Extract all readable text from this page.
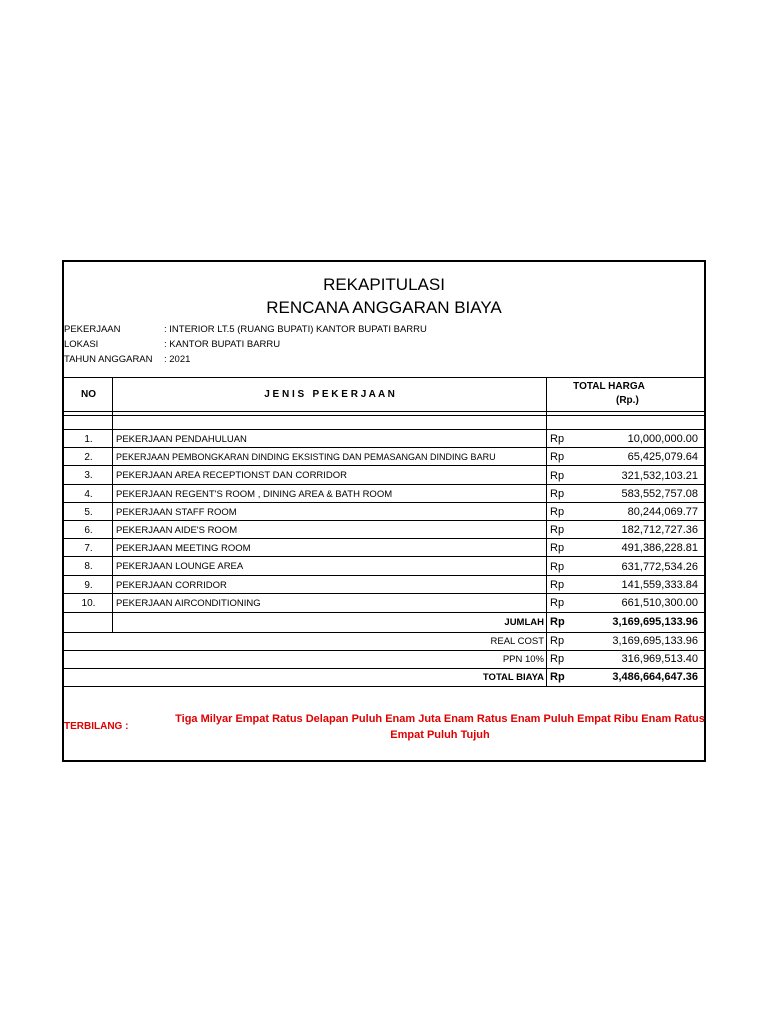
REKAPITULASI
RENCANA ANGGARAN BIAYA
PEKERJAAN	: INTERIOR LT.5 (RUANG BUPATI) KANTOR BUPATI BARRU
LOKASI	: KANTOR BUPATI BARRU
TAHUN ANGGARAN : 2021
NO	J E N I S   P E K E R J A A N
TOTAL HARGA
(Rp.)
1.	PEKERJAAN PENDAHULUAN	Rp	10,000,000.00
2.	PEKERJAAN PEMBONGKARAN DINDING EKSISTING DAN PEMASANGAN DINDING BARU	Rp	65,425,079.64
3.	PEKERJAAN AREA RECEPTIONST DAN CORRIDOR	Rp	321,532,103.21
4.	PEKERJAAN REGENT'S ROOM , DINING AREA & BATH ROOM	Rp	583,552,757.08
5.	PEKERJAAN STAFF ROOM	Rp	80,244,069.77
6.	PEKERJAAN AIDE'S ROOM	Rp	182,712,727.36
7.	PEKERJAAN MEETING ROOM	Rp	491,386,228.81
8.	PEKERJAAN LOUNGE AREA	Rp	631,772,534.26
9.	PEKERJAAN CORRIDOR	Rp	141,559,333.84
10.	PEKERJAAN AIRCONDITIONING	Rp	661,510,300.00
JUMLAH Rp	3,169,695,133.96
REAL COST Rp	3,169,695,133.96
PPN 10% Rp	316,969,513.40
TOTAL BIAYA Rp	3,486,664,647.36
TERBILANG :
Tiga Milyar Empat Ratus Delapan Puluh Enam Juta Enam Ratus Enam Puluh Empat Ribu Enam Ratus Empat Puluh Tujuh
